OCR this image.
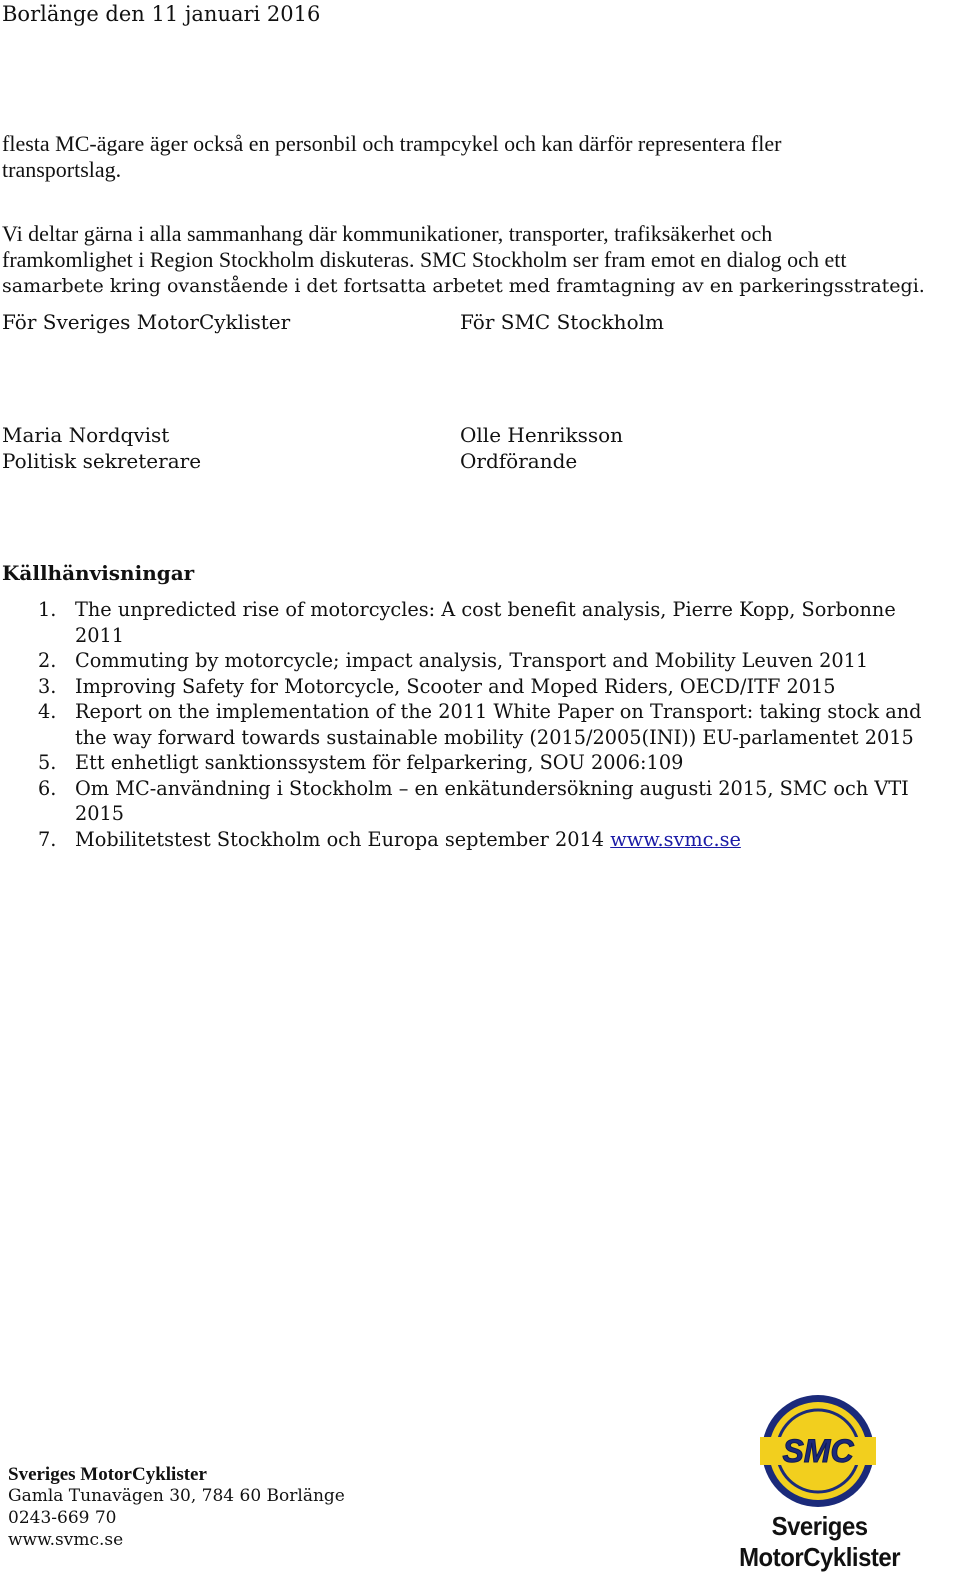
Borlänge den 11 januari 2016
flesta MC-ägare äger också en personbil och trampcykel och kan därför representera fler
transportslag.
Vi deltar gärna i alla sammanhang där kommunikationer, transporter, trafiksäkerhet och
framkomlighet i Region Stockholm diskuteras. SMC Stockholm ser fram emot en dialog och ett
samarbete kring ovanstående i det fortsatta arbetet med framtagning av en parkeringsstrategi.
För Sveriges MotorCyklister	För SMC Stockholm
Maria Nordqvist
Politisk sekreterare
Olle Henriksson
Ordförande
Källhänvisningar
1. The unpredicted rise of motorcycles: A cost benefit analysis, Pierre Kopp, Sorbonne 2011
2. Commuting by motorcycle; impact analysis, Transport and Mobility Leuven 2011
3. Improving Safety for Motorcycle, Scooter and Moped Riders, OECD/ITF 2015
4. Report on the implementation of the 2011 White Paper on Transport: taking stock and the way forward towards sustainable mobility (2015/2005(INI)) EU-parlamentet 2015
5. Ett enhetligt sanktionssystem för felparkering, SOU 2006:109
6. Om MC-användning i Stockholm – en enkätundersökning augusti 2015, SMC och VTI 2015
7. Mobilitetstest Stockholm och Europa september 2014 www.svmc.se
Sveriges MotorCyklister
Gamla Tunavägen 30, 784 60 Borlänge
0243-669 70
www.svmc.se
SMC
Sveriges MotorCyklister
